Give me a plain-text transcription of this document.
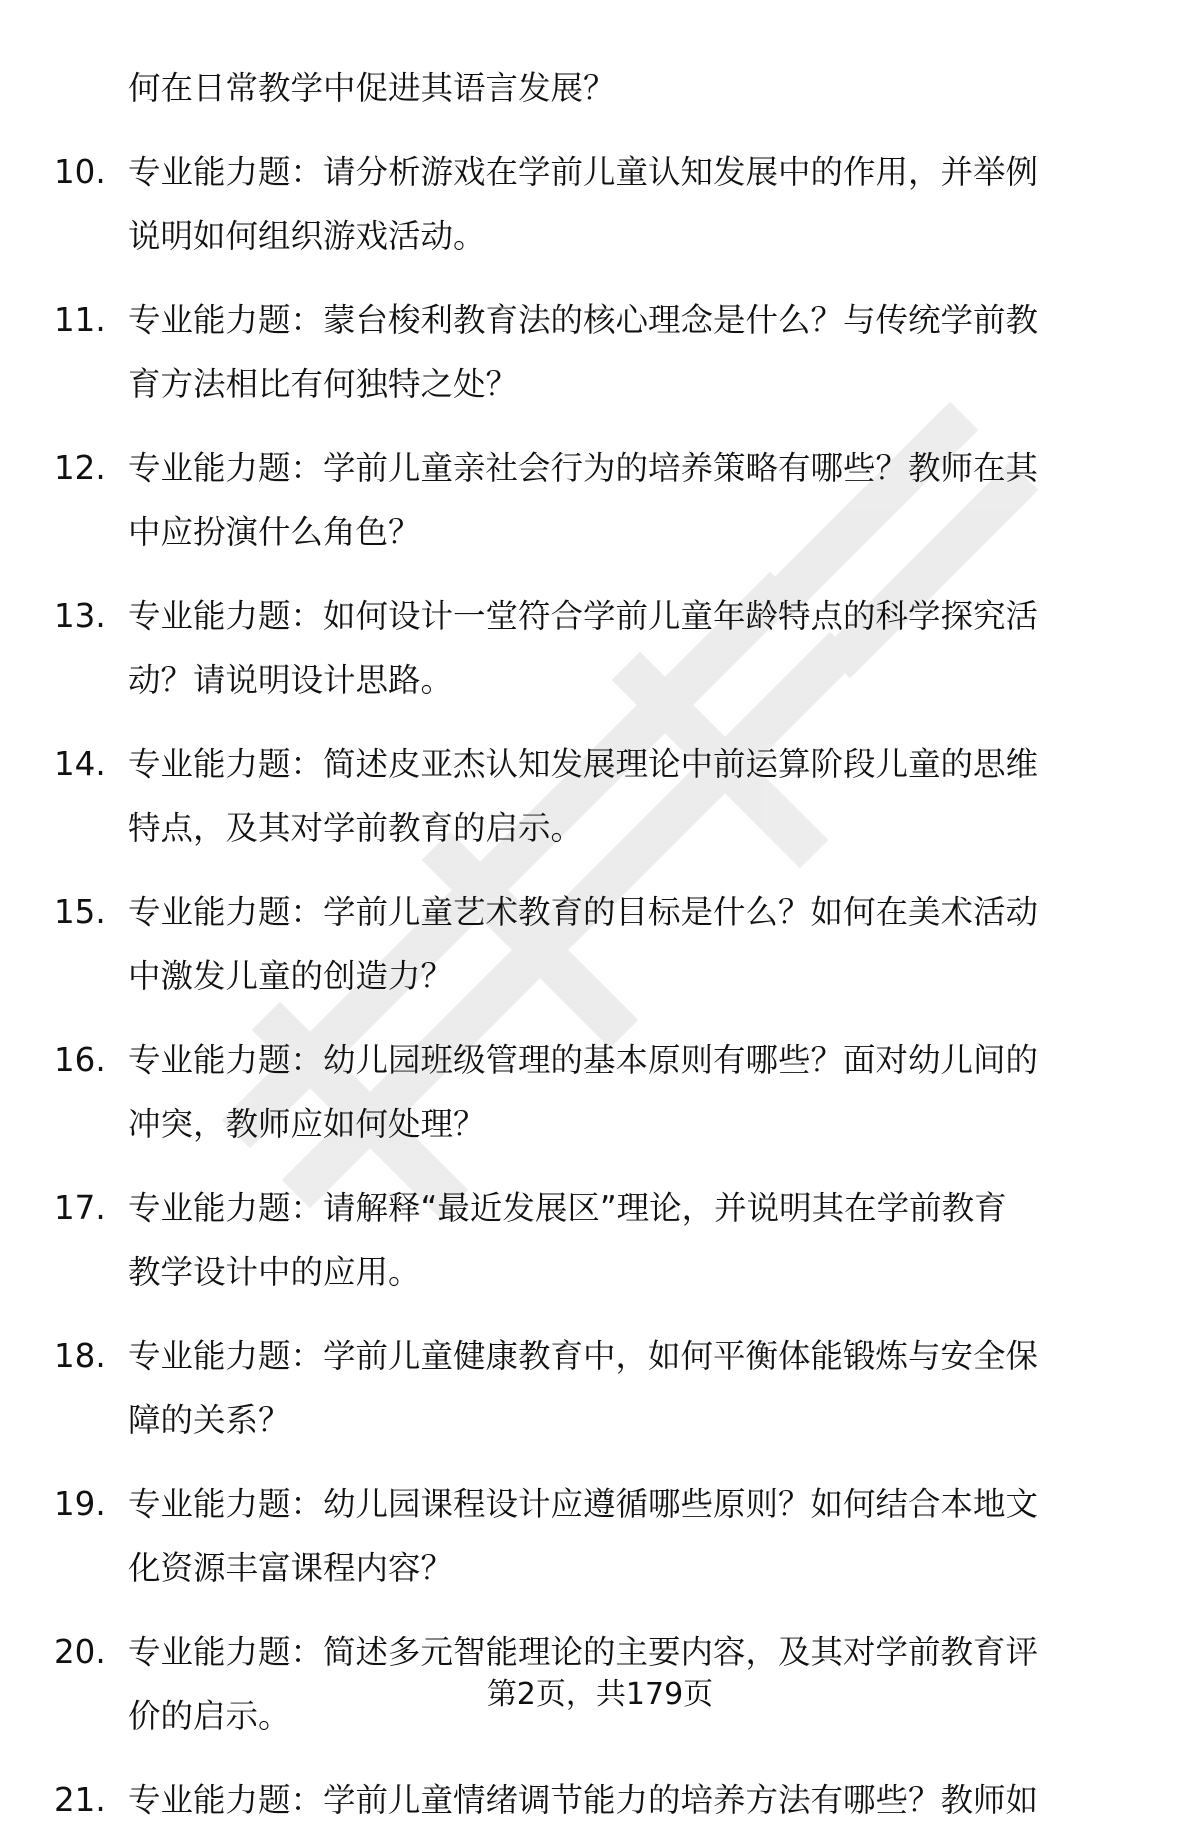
何在日常教学中促进其语言发展？
10. 专业能力题：请分析游戏在学前儿童认知发展中的作用，并举例
说明如何组织游戏活动。
11. 专业能力题：蒙台梭利教育法的核心理念是什么？与传统学前教
育方法相比有何独特之处？
12. 专业能力题：学前儿童亲社会行为的培养策略有哪些？教师在其
中应扮演什么角色？
13. 专业能力题：如何设计一堂符合学前儿童年龄特点的科学探究活
动？请说明设计思路。
14. 专业能力题：简述皮亚杰认知发展理论中前运算阶段儿童的思维
特点，及其对学前教育的启示。
15. 专业能力题：学前儿童艺术教育的目标是什么？如何在美术活动
中激发儿童的创造力？
16. 专业能力题：幼儿园班级管理的基本原则有哪些？面对幼儿间的
冲突，教师应如何处理？
17. 专业能力题：请解释“最近发展区”理论，并说明其在学前教育
教学设计中的应用。
18. 专业能力题：学前儿童健康教育中，如何平衡体能锻炼与安全保
障的关系？
19. 专业能力题：幼儿园课程设计应遵循哪些原则？如何结合本地文
化资源丰富课程内容？
20. 专业能力题：简述多元智能理论的主要内容，及其对学前教育评
价的启示。
21. 专业能力题：学前儿童情绪调节能力的培养方法有哪些？教师如
第2页，共179页
